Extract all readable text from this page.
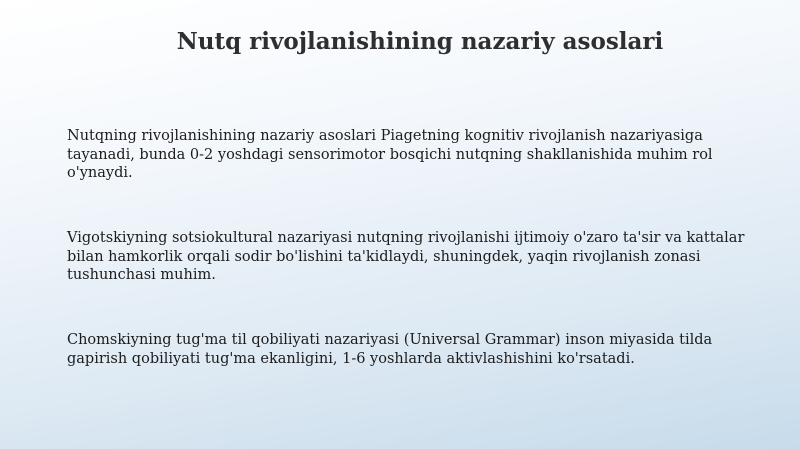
Nutq rivojlanishining nazariy asoslari
Nutqning rivojlanishining nazariy asoslari Piagetning kognitiv rivojlanish nazariyasiga tayanadi, bunda 0-2 yoshdagi sensorimotor bosqichi nutqning shakllanishida muhim rol o'ynaydi.
Vigotskiyning sotsiokultural nazariyasi nutqning rivojlanishi ijtimoiy o'zaro ta'sir va kattalar bilan hamkorlik orqali sodir bo'lishini ta'kidlaydi, shuningdek, yaqin rivojlanish zonasi tushunchasi muhim.
Chomskiyning tug'ma til qobiliyati nazariyasi (Universal Grammar) inson miyasida tilda gapirish qobiliyati tug'ma ekanligini, 1-6 yoshlarda aktivlashishini ko'rsatadi.
